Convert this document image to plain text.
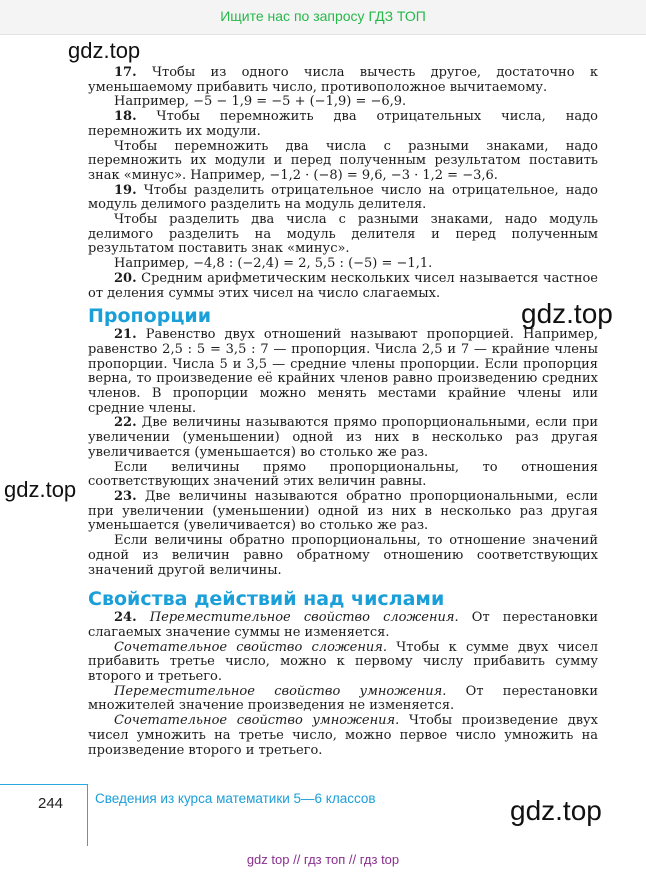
Ищите нас по запросу ГДЗ ТОП
gdz.top
gdz.top
gdz.top
gdz.top

17. Чтобы из одного числа вычесть другое, достаточно к уменьшаемому прибавить число, противоположное вычитаемому.

Например, −5 − 1,9 = −5 + (−1,9) = −6,9.

18. Чтобы перемножить два отрицательных числа, надо перемножить их модули.

Чтобы перемножить два числа с разными знаками, надо перемножить их модули и перед полученным результатом поставить знак «минус». Например, −1,2 · (−8) = 9,6, −3 · 1,2 = −3,6.

19. Чтобы разделить отрицательное число на отрицательное, надо модуль делимого разделить на модуль делителя.

Чтобы разделить два числа с разными знаками, надо модуль делимого разделить на модуль делителя и перед полученным результатом поставить знак «минус».

Например, −4,8 : (−2,4) = 2, 5,5 : (−5) = −1,1.

20. Средним арифметическим нескольких чисел называется частное от деления суммы этих чисел на число слагаемых.

Пропорции

21. Равенство двух отношений называют пропорцией. Например, равенство 2,5 : 5 = 3,5 : 7 — пропорция. Числа 2,5 и 7 — крайние члены пропорции. Числа 5 и 3,5 — средние члены пропорции. Если пропорция верна, то произведение её крайних членов равно произведению средних членов. В пропорции можно менять местами крайние члены или средние члены.

22. Две величины называются прямо пропорциональными, если при увеличении (уменьшении) одной из них в несколько раз другая увеличивается (уменьшается) во столько же раз.

Если величины прямо пропорциональны, то отношения соответствующих значений этих величин равны.

23. Две величины называются обратно пропорциональными, если при увеличении (уменьшении) одной из них в несколько раз другая уменьшается (увеличивается) во столько же раз.

Если величины обратно пропорциональны, то отношение значений одной из величин равно обратному отношению соответствующих значений другой величины.

Свойства действий над числами

24. Переместительное свойство сложения. От перестановки слагаемых значение суммы не изменяется.

Сочетательное свойство сложения. Чтобы к сумме двух чисел прибавить третье число, можно к первому числу прибавить сумму второго и третьего.

Переместительное свойство умножения. От перестановки множителей значение произведения не изменяется.

Сочетательное свойство умножения. Чтобы произведение двух чисел умножить на третье число, можно первое число умножить на произведение второго и третьего.

244 Сведения из курса математики 5—6 классов
gdz top // гдз топ // гдз top
